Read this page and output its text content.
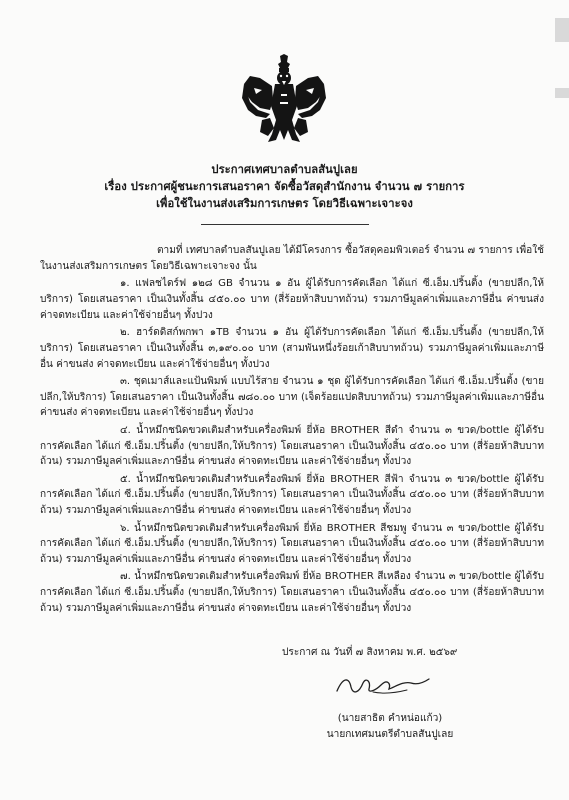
ประกาศเทศบาลตำบลสันปูเลย
เรื่อง ประกาศผู้ชนะการเสนอราคา จัดซื้อวัสดุสำนักงาน จำนวน ๗ รายการ
เพื่อใช้ในงานส่งเสริมการเกษตร โดยวิธีเฉพาะเจาะจง

ตามที่ เทศบาลตำบลสันปูเลย ได้มีโครงการ ซื้อวัสดุคอมพิวเตอร์ จำนวน ๗ รายการ เพื่อใช้ในงานส่งเสริมการเกษตร โดยวิธีเฉพาะเจาะจง นั้น

๑. แฟลชไดร์ฟ ๑๒๘ GB จำนวน ๑ อัน ผู้ได้รับการคัดเลือก ได้แก่ ซี.เอ็ม.ปริ้นติ้ง (ขายปลีก,ให้บริการ) โดยเสนอราคา เป็นเงินทั้งสิ้น ๔๕๐.๐๐ บาท (สี่ร้อยห้าสิบบาทถ้วน) รวมภาษีมูลค่าเพิ่มและภาษีอื่น ค่าขนส่ง ค่าจดทะเบียน และค่าใช้จ่ายอื่นๆ ทั้งปวง

๒. ฮาร์ดดิสก์พกพา ๑TB จำนวน ๑ อัน ผู้ได้รับการคัดเลือก ได้แก่ ซี.เอ็ม.ปริ้นติ้ง (ขายปลีก,ให้บริการ) โดยเสนอราคา เป็นเงินทั้งสิ้น ๓,๑๙๐.๐๐ บาท (สามพันหนึ่งร้อยเก้าสิบบาทถ้วน) รวมภาษีมูลค่าเพิ่มและภาษีอื่น ค่าขนส่ง ค่าจดทะเบียน และค่าใช้จ่ายอื่นๆ ทั้งปวง

๓. ชุดเมาส์และแป้นพิมพ์ แบบไร้สาย จำนวน ๑ ชุด ผู้ได้รับการคัดเลือก ได้แก่ ซี.เอ็ม.ปริ้นติ้ง (ขายปลีก,ให้บริการ) โดยเสนอราคา เป็นเงินทั้งสิ้น ๗๘๐.๐๐ บาท (เจ็ดร้อยแปดสิบบาทถ้วน) รวมภาษีมูลค่าเพิ่มและภาษีอื่น ค่าขนส่ง ค่าจดทะเบียน และค่าใช้จ่ายอื่นๆ ทั้งปวง

๔. น้ำหมึกชนิดขวดเติมสำหรับเครื่องพิมพ์ ยี่ห้อ BROTHER สีดำ จำนวน ๓ ขวด/bottle ผู้ได้รับการคัดเลือก ได้แก่ ซี.เอ็ม.ปริ้นติ้ง (ขายปลีก,ให้บริการ) โดยเสนอราคา เป็นเงินทั้งสิ้น ๔๕๐.๐๐ บาท (สี่ร้อยห้าสิบบาทถ้วน) รวมภาษีมูลค่าเพิ่มและภาษีอื่น ค่าขนส่ง ค่าจดทะเบียน และค่าใช้จ่ายอื่นๆ ทั้งปวง

๕. น้ำหมึกชนิดขวดเติมสำหรับเครื่องพิมพ์ ยี่ห้อ BROTHER สีฟ้า จำนวน ๓ ขวด/bottle ผู้ได้รับการคัดเลือก ได้แก่ ซี.เอ็ม.ปริ้นติ้ง (ขายปลีก,ให้บริการ) โดยเสนอราคา เป็นเงินทั้งสิ้น ๔๕๐.๐๐ บาท (สี่ร้อยห้าสิบบาทถ้วน) รวมภาษีมูลค่าเพิ่มและภาษีอื่น ค่าขนส่ง ค่าจดทะเบียน และค่าใช้จ่ายอื่นๆ ทั้งปวง

๖. น้ำหมึกชนิดขวดเติมสำหรับเครื่องพิมพ์ ยี่ห้อ BROTHER สีชมพู จำนวน ๓ ขวด/bottle ผู้ได้รับการคัดเลือก ได้แก่ ซี.เอ็ม.ปริ้นติ้ง (ขายปลีก,ให้บริการ) โดยเสนอราคา เป็นเงินทั้งสิ้น ๔๕๐.๐๐ บาท (สี่ร้อยห้าสิบบาทถ้วน) รวมภาษีมูลค่าเพิ่มและภาษีอื่น ค่าขนส่ง ค่าจดทะเบียน และค่าใช้จ่ายอื่นๆ ทั้งปวง

๗. น้ำหมึกชนิดขวดเติมสำหรับเครื่องพิมพ์ ยี่ห้อ BROTHER สีเหลือง จำนวน ๓ ขวด/bottle ผู้ได้รับการคัดเลือก ได้แก่ ซี.เอ็ม.ปริ้นติ้ง (ขายปลีก,ให้บริการ) โดยเสนอราคา เป็นเงินทั้งสิ้น ๔๕๐.๐๐ บาท (สี่ร้อยห้าสิบบาทถ้วน) รวมภาษีมูลค่าเพิ่มและภาษีอื่น ค่าขนส่ง ค่าจดทะเบียน และค่าใช้จ่ายอื่นๆ ทั้งปวง

ประกาศ ณ วันที่ ๗ สิงหาคม พ.ศ. ๒๕๖๙
(นายสาธิต คำหน่อแก้ว)
นายกเทศมนตรีตำบลสันปูเลย
